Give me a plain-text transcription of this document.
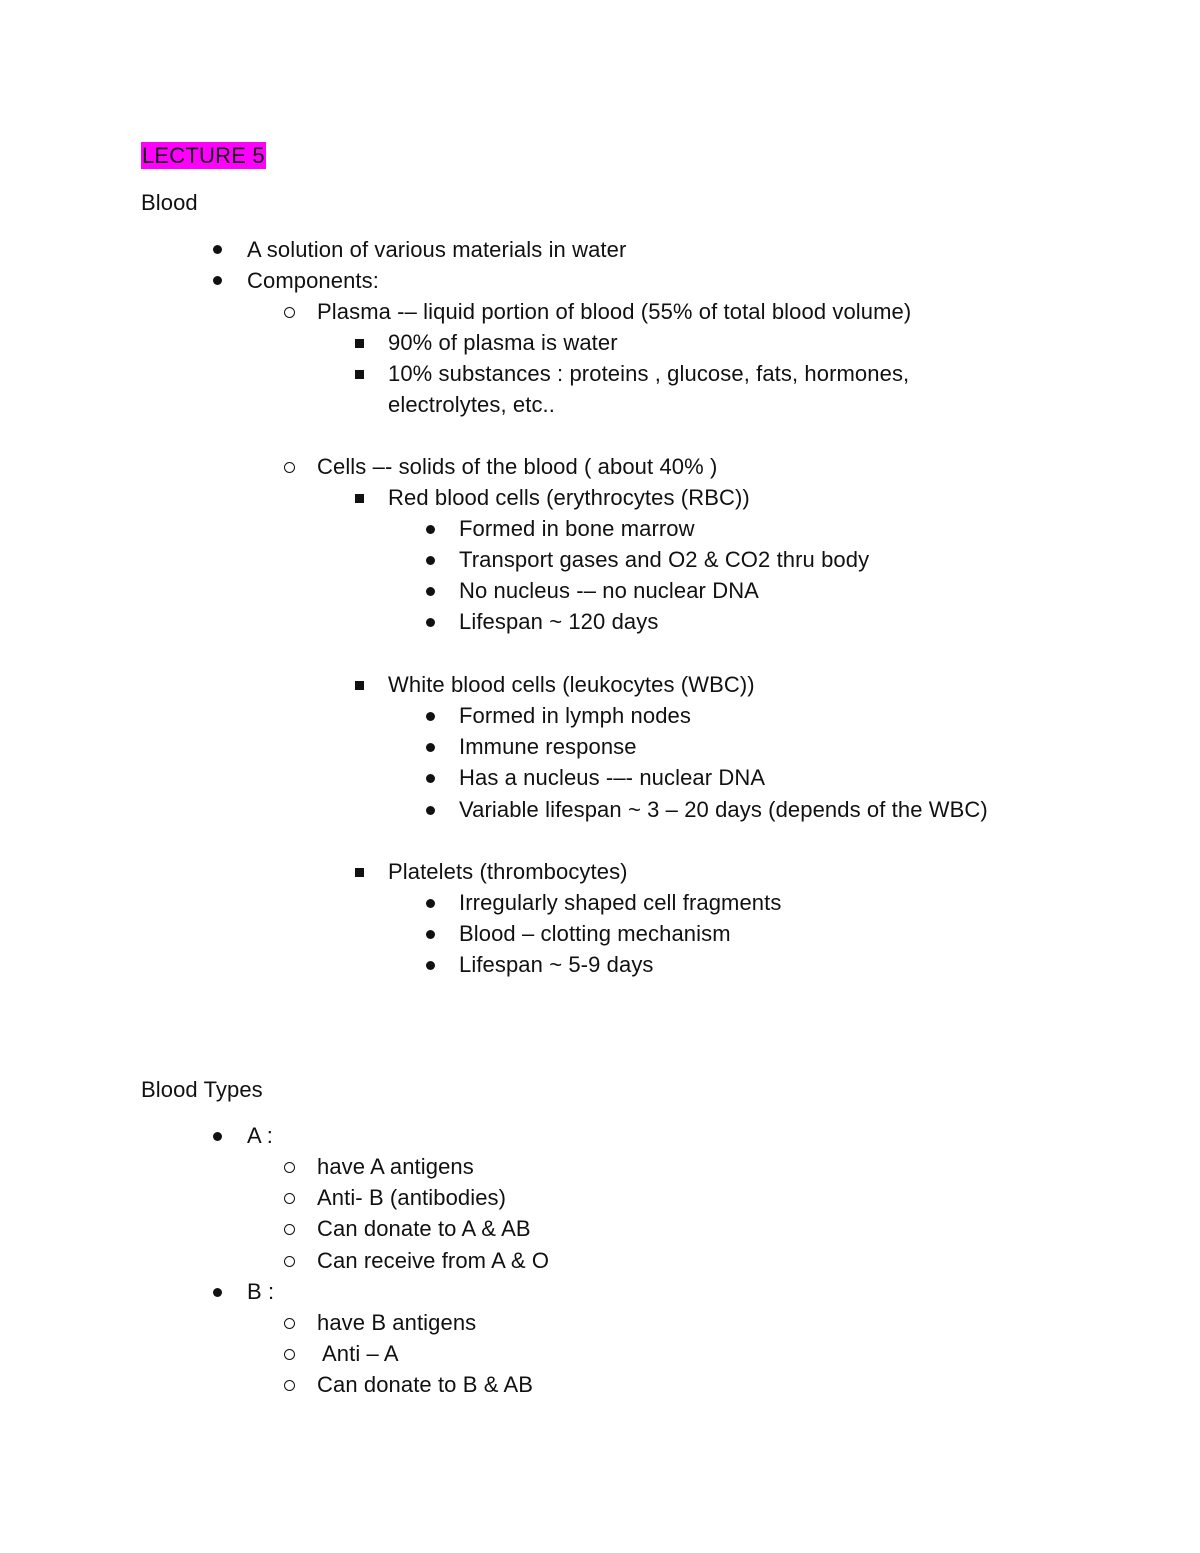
LECTURE 5
Blood
A solution of various materials in water
Components:
Plasma -– liquid portion of blood (55% of total blood volume)
90% of plasma is water
10% substances : proteins , glucose, fats, hormones,
electrolytes, etc..
Cells –- solids of the blood ( about 40% )
Red blood cells (erythrocytes (RBC))
Formed in bone marrow
Transport gases and O2 & CO2 thru body
No nucleus -– no nuclear DNA
Lifespan ~ 120 days
White blood cells (leukocytes (WBC))
Formed in lymph nodes
Immune response
Has a nucleus -–- nuclear DNA
Variable lifespan ~ 3 – 20 days (depends of the WBC)
Platelets (thrombocytes)
Irregularly shaped cell fragments
Blood – clotting mechanism
Lifespan ~ 5-9 days
Blood Types
A :
have A antigens
Anti- B (antibodies)
Can donate to A & AB
Can receive from A & O
B :
have B antigens
Anti – A
Can donate to B & AB
